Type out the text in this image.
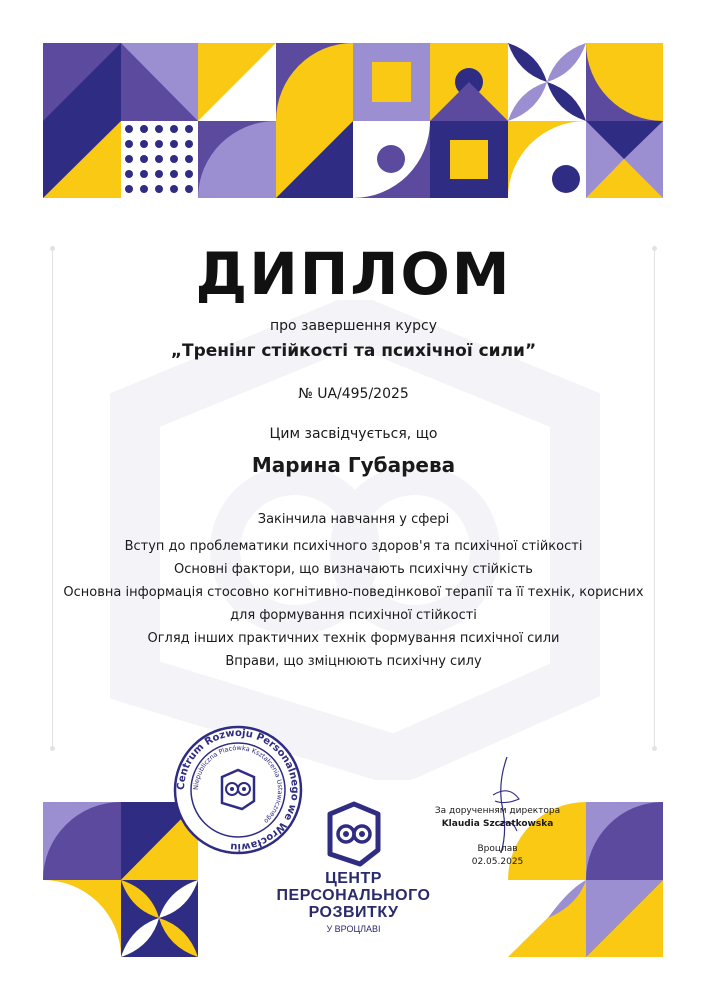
ДИПЛОМ
про завершення курсу
„Тренінг стійкості та психічної сили”
№ UA/495/2025
Цим засвідчується, що
Марина Губарева
Закінчила навчання у сфері
Вступ до проблематики психічного здоров'я та психічної стійкості
Основні фактори, що визначають психічну стійкість
Основна інформація стосовно когнітивно-поведінкової терапії та її технік, корисних
для формування психічної стійкості
Огляд інших практичних технік формування психічної сили
Вправи, що зміцнюють психічну силу
Centrum Rozwoju Personalnego we Wrocławiu
Niepubliczna Placówka Kształcenia Ustawicznego
ЦЕНТР
ПЕРСОНАЛЬНОГО
РОЗВИТКУ
У ВРОЦЛАВІ
За дорученням директора
Klaudia Szczatkowska
Вроцлав
02.05.2025
